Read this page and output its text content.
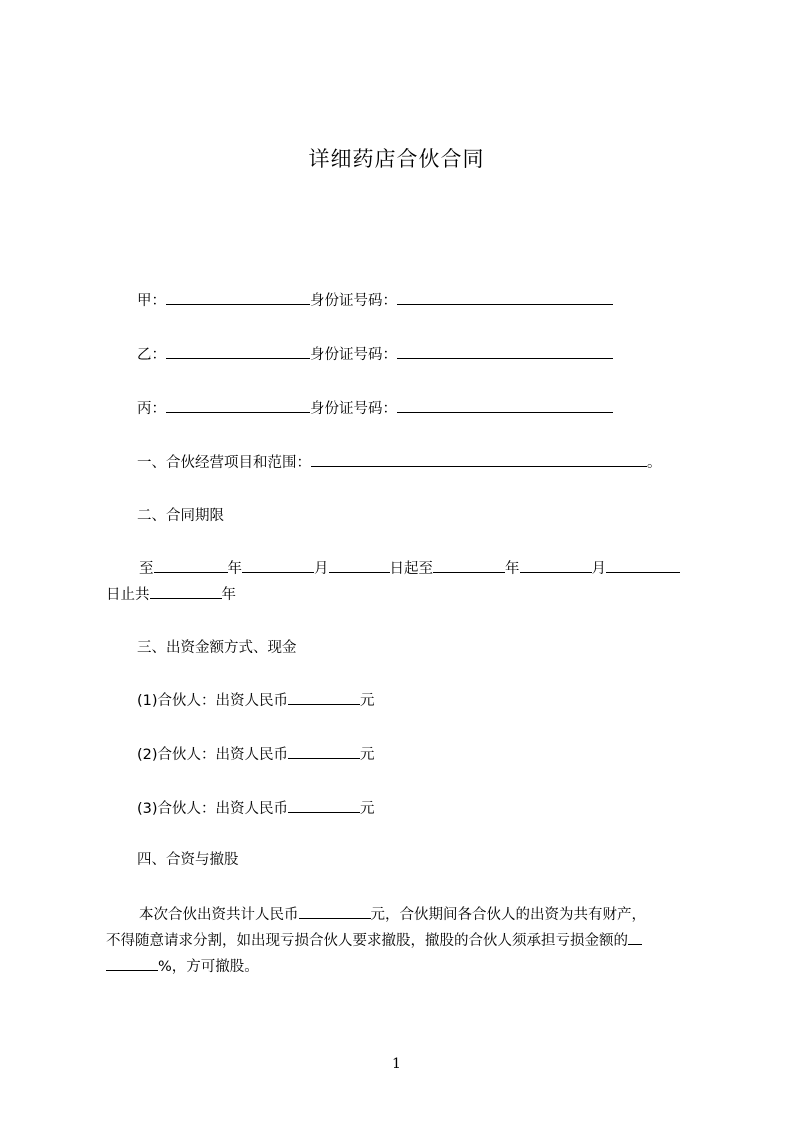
详细药店合伙合同
甲：	身份证号码：
乙：	身份证号码：
丙：	身份证号码：
一、合伙经营项目和范围：	。
二、合同期限
至	年	月	日起至	年	月
日止共	年
三、出资金额方式、现金
(1)合伙人：出资人民币	元
(2)合伙人：出资人民币	元
(3)合伙人：出资人民币	元
四、合资与撤股
本次合伙出资共计人民币	元，合伙期间各合伙人的出资为共有财产，
不得随意请求分割，如出现亏损合伙人要求撤股，撤股的合伙人须承担亏损金额的
%，方可撤股。
1
